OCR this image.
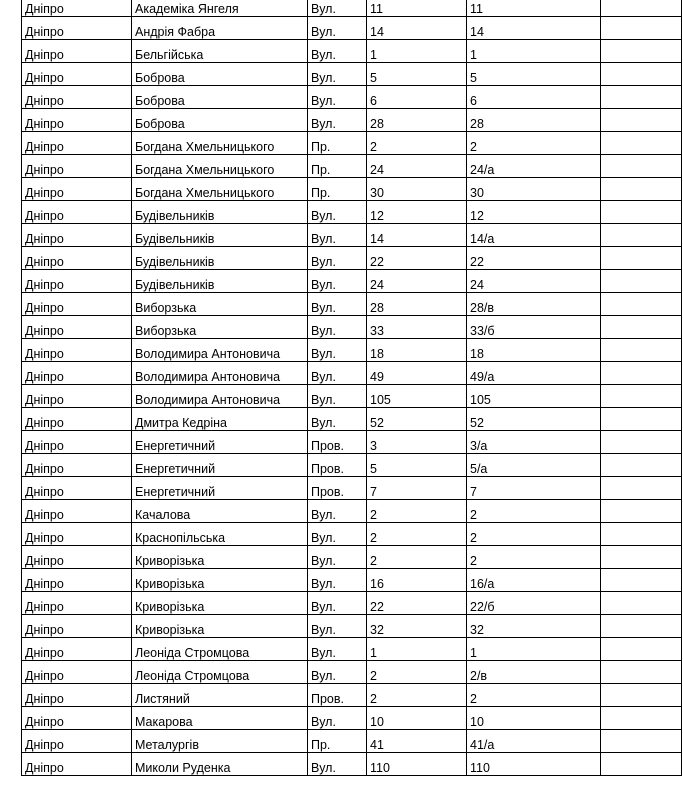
Дніпро	Академіка Янгеля	Вул.	11	11	
Дніпро	Андрія Фабра	Вул.	14	14	
Дніпро	Бельгійська	Вул.	1	1	
Дніпро	Боброва	Вул.	5	5	
Дніпро	Боброва	Вул.	6	6	
Дніпро	Боброва	Вул.	28	28	
Дніпро	Богдана Хмельницького	Пр.	2	2	
Дніпро	Богдана Хмельницького	Пр.	24	24/а	
Дніпро	Богдана Хмельницького	Пр.	30	30	
Дніпро	Будівельників	Вул.	12	12	
Дніпро	Будівельників	Вул.	14	14/а	
Дніпро	Будівельників	Вул.	22	22	
Дніпро	Будівельників	Вул.	24	24	
Дніпро	Виборзька	Вул.	28	28/в	
Дніпро	Виборзька	Вул.	33	33/б	
Дніпро	Володимира Антоновича	Вул.	18	18	
Дніпро	Володимира Антоновича	Вул.	49	49/а	
Дніпро	Володимира Антоновича	Вул.	105	105	
Дніпро	Дмитра Кедріна	Вул.	52	52	
Дніпро	Енергетичний	Пров.	3	3/а	
Дніпро	Енергетичний	Пров.	5	5/а	
Дніпро	Енергетичний	Пров.	7	7	
Дніпро	Качалова	Вул.	2	2	
Дніпро	Краснопільська	Вул.	2	2	
Дніпро	Криворізька	Вул.	2	2	
Дніпро	Криворізька	Вул.	16	16/а	
Дніпро	Криворізька	Вул.	22	22/б	
Дніпро	Криворізька	Вул.	32	32	
Дніпро	Леоніда Стромцова	Вул.	1	1	
Дніпро	Леоніда Стромцова	Вул.	2	2/в	
Дніпро	Листяний	Пров.	2	2	
Дніпро	Макарова	Вул.	10	10	
Дніпро	Металургів	Пр.	41	41/а	
Дніпро	Миколи Руденка	Вул.	110	110	
